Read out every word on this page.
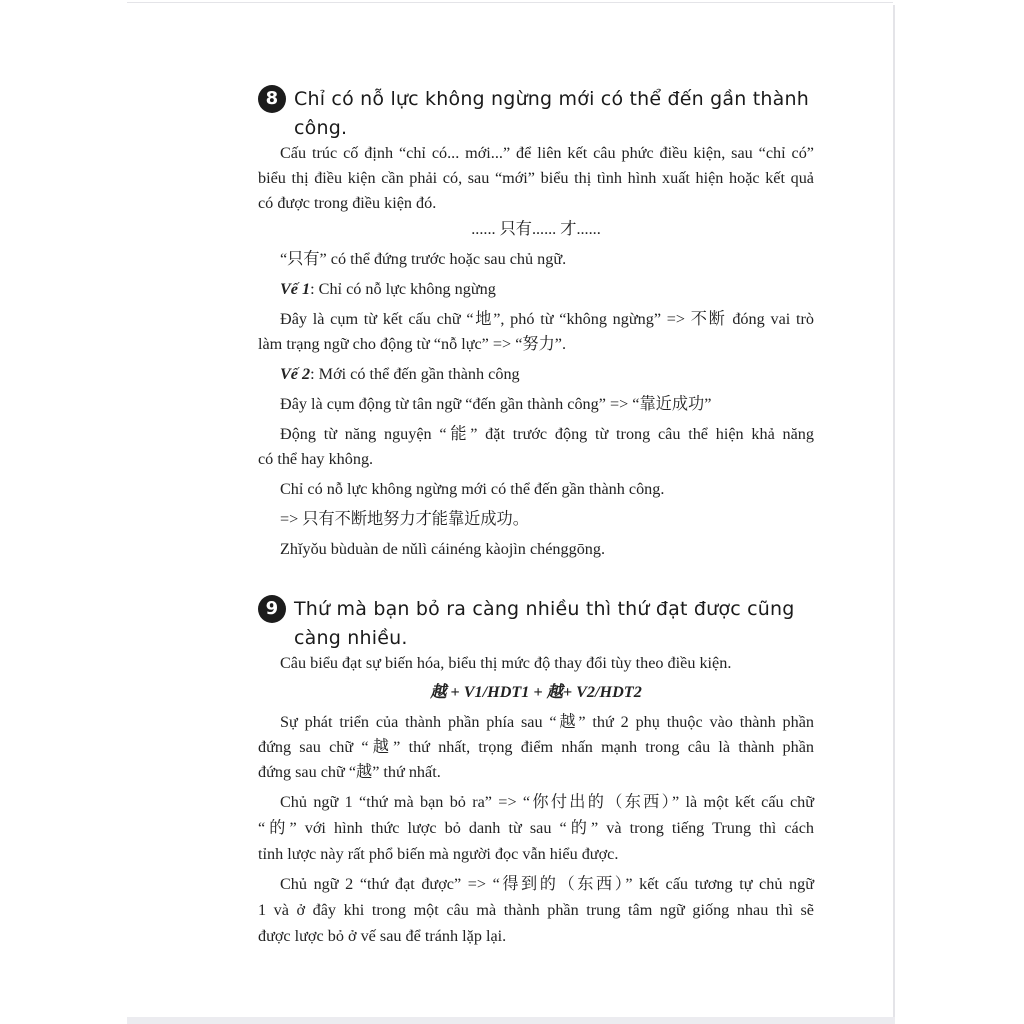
8 Chỉ có nỗ lực không ngừng mới có thể đến gần thành
công.
Cấu trúc cố định “chỉ có... mới...” để liên kết câu phức điều kiện, sau “chỉ có”
biểu thị điều kiện cần phải có, sau “mới” biểu thị tình hình xuất hiện hoặc kết quả
có được trong điều kiện đó.
...... 只有...... 才......
“只有” có thể đứng trước hoặc sau chủ ngữ.
Vế 1: Chỉ có nỗ lực không ngừng
Đây là cụm từ kết cấu chữ “地”, phó từ “không ngừng” => 不断 đóng vai trò
làm trạng ngữ cho động từ “nỗ lực” => “努力”.
Vế 2: Mới có thể đến gần thành công
Đây là cụm động từ tân ngữ “đến gần thành công” => “靠近成功”
Động từ năng nguyện “能” đặt trước động từ trong câu thể hiện khả năng
có thể hay không.
Chỉ có nỗ lực không ngừng mới có thể đến gần thành công.
=> 只有不断地努力才能靠近成功。
Zhǐyǒu bùduàn de nǔlì cáinéng kàojìn chénggōng.
9 Thứ mà bạn bỏ ra càng nhiều thì thứ đạt được cũng
càng nhiều.
Câu biểu đạt sự biến hóa, biểu thị mức độ thay đổi tùy theo điều kiện.
越 + V1/HDT1 + 越+ V2/HDT2
Sự phát triển của thành phần phía sau “越” thứ 2 phụ thuộc vào thành phần
đứng sau chữ “越” thứ nhất, trọng điểm nhấn mạnh trong câu là thành phần
đứng sau chữ “越” thứ nhất.
Chủ ngữ 1 “thứ mà bạn bỏ ra” => “你付出的（东西）” là một kết cấu chữ
“的” với hình thức lược bỏ danh từ sau “的” và trong tiếng Trung thì cách
tỉnh lược này rất phổ biến mà người đọc vẫn hiểu được.
Chủ ngữ 2 “thứ đạt được” => “得到的（东西）” kết cấu tương tự chủ ngữ
1 và ở đây khi trong một câu mà thành phần trung tâm ngữ giống nhau thì sẽ
được lược bỏ ở vế sau để tránh lặp lại.
